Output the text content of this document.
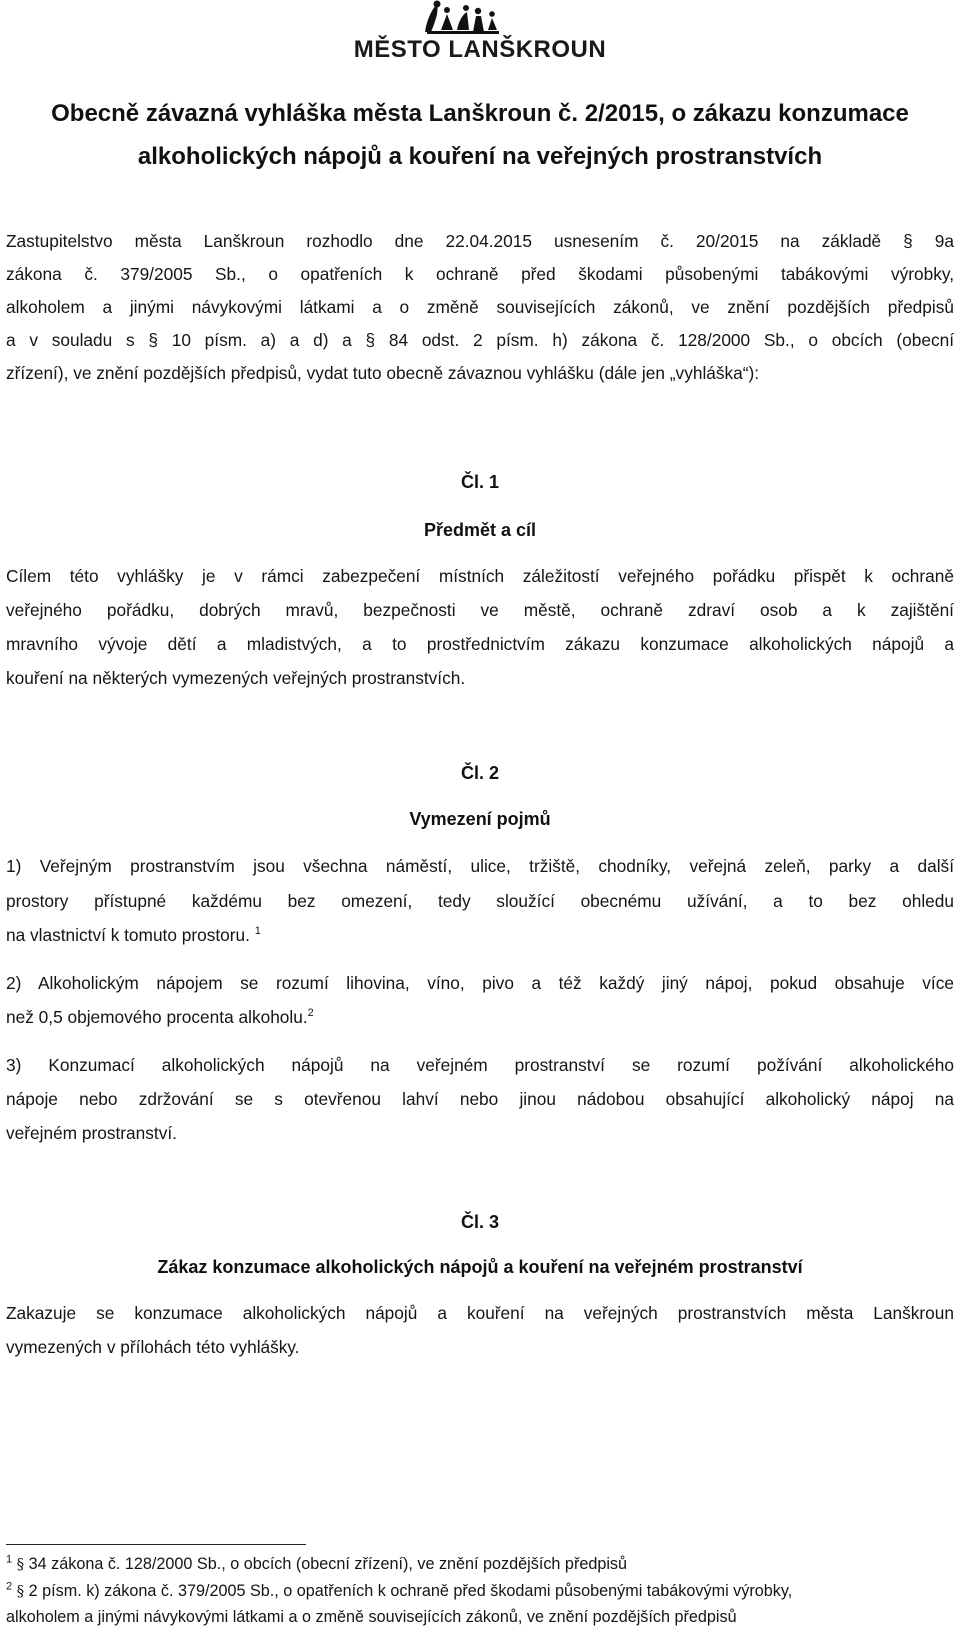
MĚSTO LANŠKROUN
Obecně závazná vyhláška města Lanškroun č. 2/2015, o zákazu konzumace
alkoholických nápojů a kouření na veřejných prostranstvích
Zastupitelstvo města Lanškroun rozhodlo dne 22.04.2015 usnesením č. 20/2015 na základě § 9a
zákona č. 379/2005 Sb., o opatřeních k ochraně před škodami působenými tabákovými výrobky,
alkoholem a jinými návykovými látkami a o změně souvisejících zákonů, ve znění pozdějších předpisů
a v souladu s § 10 písm. a) a d) a § 84 odst. 2 písm. h) zákona č. 128/2000 Sb., o obcích (obecní
zřízení), ve znění pozdějších předpisů, vydat tuto obecně závaznou vyhlášku (dále jen „vyhláška“):
Čl. 1
Předmět a cíl
Cílem této vyhlášky je v rámci zabezpečení místních záležitostí veřejného pořádku přispět k ochraně
veřejného pořádku, dobrých mravů, bezpečnosti ve městě, ochraně zdraví osob a k zajištění
mravního vývoje dětí a mladistvých, a to prostřednictvím zákazu konzumace alkoholických nápojů a
kouření na některých vymezených veřejných prostranstvích.
Čl. 2
Vymezení pojmů
1) Veřejným prostranstvím jsou všechna náměstí, ulice, tržiště, chodníky, veřejná zeleň, parky a další
prostory přístupné každému bez omezení, tedy sloužící obecnému užívání, a to bez ohledu
na vlastnictví k tomuto prostoru. $^1$
2) Alkoholickým nápojem se rozumí lihovina, víno, pivo a též každý jiný nápoj, pokud obsahuje více
než 0,5 objemového procenta alkoholu.$^2$
3) Konzumací alkoholických nápojů na veřejném prostranství se rozumí požívání alkoholického
nápoje nebo zdržování se s otevřenou lahví nebo jinou nádobou obsahující alkoholický nápoj na
veřejném prostranství.
Čl. 3
Zákaz konzumace alkoholických nápojů a kouření na veřejném prostranství
Zakazuje se konzumace alkoholických nápojů a kouření na veřejných prostranstvích města Lanškroun
vymezených v přílohách této vyhlášky.
$^1$ § 34 zákona č. 128/2000 Sb., o obcích (obecní zřízení), ve znění pozdějších předpisů
$^2$ § 2 písm. k) zákona č. 379/2005 Sb., o opatřeních k ochraně před škodami působenými tabákovými výrobky,
alkoholem a jinými návykovými látkami a o změně souvisejících zákonů, ve znění pozdějších předpisů
